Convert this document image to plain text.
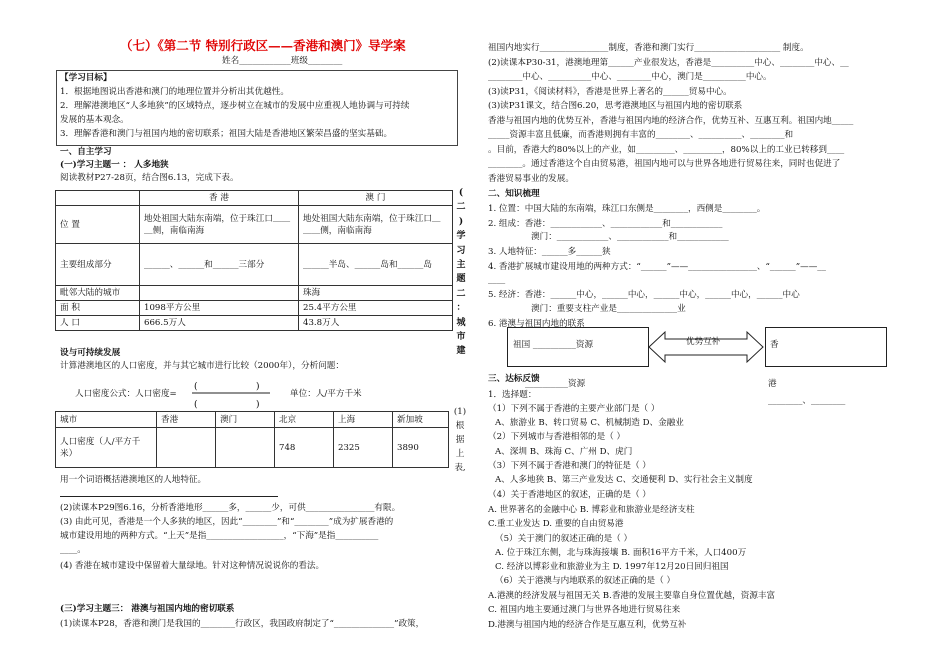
（七）《第二节 特别行政区——香港和澳门》导学案
姓名____________班级________
【学习目标】
1．根据地图说出香港和澳门的地理位置并分析出其优越性。
2．理解港澳地区“人多地狭”的区域特点，逐步树立在城市的发展中应重视人地协调与可持续
发展的基本观念。
3．理解香港和澳门与祖国内地的密切联系；祖国大陆是香港地区繁荣昌盛的坚实基础。
一、自主学习
(一)学习主题一 ： 人多地狭
阅读教材P27-28页，结合图6.13，完成下表。
	香 港	澳 门
位 置	地处祖国大陆东南端，位于珠江口＿＿＿侧，南临南海	地处祖国大陆东南端，位于珠江口＿＿＿侧，南临南海
主要组成部分	______、______和______三部分	______半岛、______岛和______岛
毗邻大陆的城市		珠海
面 积	1098平方公里	25.4平方公里
人 口	666.5万人	43.8万人
(
二
)
学
习
主
题
二
：
城
市
建
设与可持续发展
计算港澳地区的人口密度，并与其它城市进行比较（2000年），分析问题：
人口密度公式：人口密度=
(	)
(	)
单位：人/平方千米
城市	香港	澳门	北京	上海	新加坡
人口密度（人/平方千米）			748	2325	3890
(1)
根
据
上
表,
用一个词语概括港澳地区的人地特征。
(2)读课本P29图6.16，分析香港地形______多，______少，可供________________有限。
(3) 由此可见，香港是一个人多狭的地区，因此“________”和“________”成为扩展香港的
城市建设用地的两种方式。“上天”是指__________________，“下海”是指__________
____。
(4) 香港在城市建设中保留着大量绿地。针对这种情况说说你的看法。
(三)学习主题三： 港澳与祖国内地的密切联系
(1)读课本P28，香港和澳门是我国的________行政区，我国政府制定了“______________”政策，
祖国内地实行________________制度，香港和澳门实行____________________ 制度。
(2)读课本P30-31，港澳地理第______产业很发达，香港是__________中心、________中心、__
________中心、__________中心、________中心，澳门是__________中心。
(3)读P31，《阅读材料》，香港是世界上著名的______贸易中心。
(3)读P31课文，结合图6.20，思考港澳地区与祖国内地的密切联系
香港与祖国内地的优势互补，香港与祖国内地的经济合作，优势互补、互惠互利。祖国内地_____
_____资源丰富且低廉，而香港则拥有丰富的________、__________、________和
。目前，香港大约80%以上的产业，如_________、_________，80%以上的工业已转移到____
________。通过香港这个自由贸易港，祖国内地可以与世界各地进行贸易往来，同时也促进了
香港贸易事业的发展。
二、知识梳理
1. 位置：中国大陆的东南端，珠江口东侧是________，西侧是________。
2. 组成：香港：____________、____________和____________
澳门：____________、____________和____________
3. 人地特征：______多______狭
4. 香港扩展城市建设用地的两种方式：“______”——________________、“______”——__
____
5. 经济：香港：______中心，______中心，______中心，______中心，______中心
澳门：重要支柱产业是______________业
6. 港澳与祖国内地的联系
祖国 __________资源	优势互补	香
三、达标反馈
__________资源	港
1．选择题：
________、________
（1）下列不属于香港的主要产业部门是（ ）
A、旅游业 B、转口贸易 C、机械制造 D、金融业
（2）下列城市与香港相邻的是（ ）
A、深圳 B、珠海 C、广州 D、虎门
（3）下列不属于香港和澳门的特征是（ ）
A、人多地狭 B、第三产业发达 C、交通便利 D、实行社会主义制度
（4）关于香港地区的叙述，正确的是（ ）
A. 世界著名的金融中心 B. 博彩业和旅游业是经济支柱
C.重工业发达 D. 重要的自由贸易港
（5）关于澳门的叙述正确的是（ ）
A. 位于珠江东侧，北与珠海接壤 B. 面积16平方千米，人口400万
C. 经济以博彩业和旅游业为主 D. 1997年12月20日回归祖国
（6）关于港澳与内地联系的叙述正确的是（ ）
A.港澳的经济发展与祖国无关 B.香港的发展主要靠自身位置优越，资源丰富
C. 祖国内地主要通过澳门与世界各地进行贸易往来
D.港澳与祖国内地的经济合作是互惠互利，优势互补
